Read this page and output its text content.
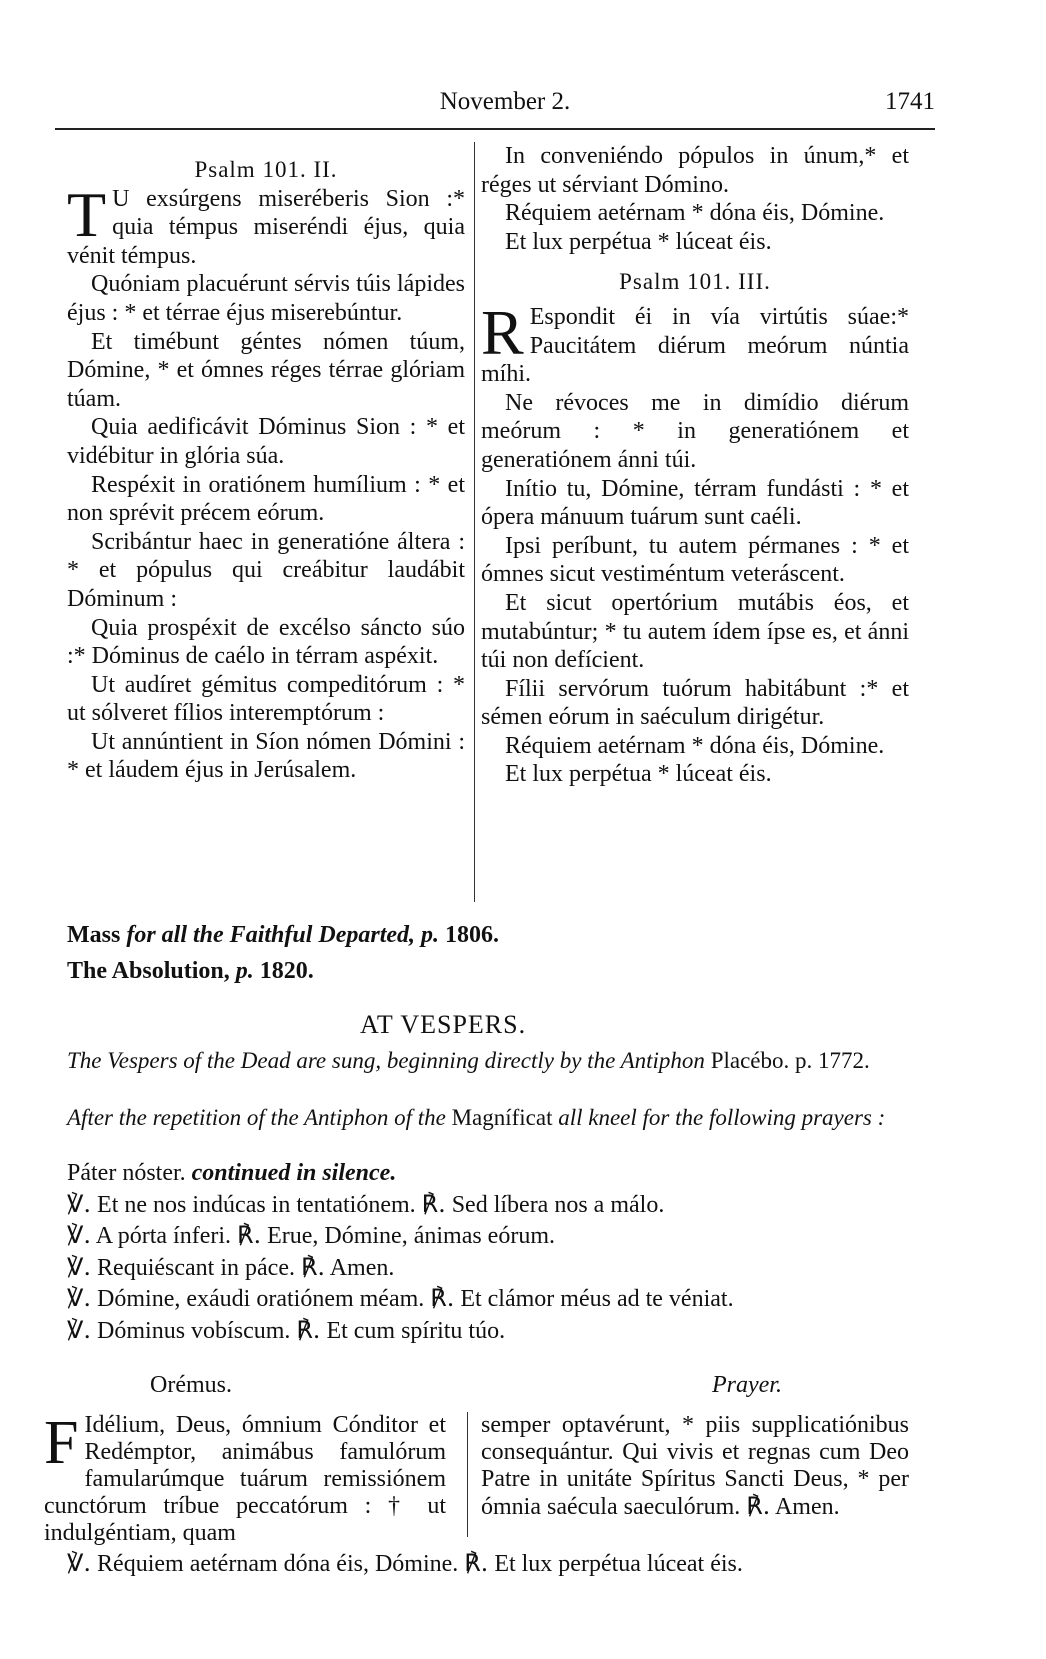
November 2.	1741

Psalm 101. II.

T U exsúrgens miseréberis Sion :* quia témpus miseréndi éjus, quia vénit témpus.

Quóniam placuérunt sérvis túis lápides éjus : * et térrae éjus miserebúntur.

Et timébunt géntes nómen túum, Dómine, * et ómnes réges térrae glóriam túam.

Quia aedificávit Dóminus Sion : * et vidébitur in glória súa.

Respéxit in oratiónem humílium : * et non sprévit précem eórum.

Scribántur haec in generatióne áltera : * et pópulus qui creábitur laudábit Dóminum :

Quia prospéxit de excélso sáncto súo :* Dóminus de caélo in térram aspéxit.

Ut audíret gémitus compeditórum : * ut sólveret fílios interemptórum :

Ut annúntient in Síon nómen Dómini : * et láudem éjus in Jerúsalem.

In conveniéndo pópulos in únum,* et réges ut sérviant Dómino.

Réquiem aetérnam * dóna éis, Dómine.

Et lux perpétua * lúceat éis.

Psalm 101. III.

R Espondit éi in vía virtútis súae:* Paucitátem diérum meórum núntia míhi.

Ne révoces me in dimídio diérum meórum : * in generatiónem et generatiónem ánni túi.

Inítio tu, Dómine, térram fundásti : * et ópera mánuum tuárum sunt caéli.

Ipsi períbunt, tu autem pérmanes : * et ómnes sicut vestiméntum veteráscent.

Et sicut opertórium mutábis éos, et mutabúntur; * tu autem ídem ípse es, et ánni túi non defícient.

Fílii servórum tuórum habitábunt :* et sémen eórum in saéculum dirigétur.

Réquiem aetérnam * dóna éis, Dómine.

Et lux perpétua * lúceat éis.

Mass for all the Faithful Departed, p. 1806.
The Absolution, p. 1820.
AT VESPERS.
The Vespers of the Dead are sung, beginning directly by the Antiphon Placébo. p. 1772.
After the repetition of the Antiphon of the Magníficat all kneel for the following prayers :

Páter nóster. continued in silence.

℣. Et ne nos indúcas in tentatiónem. ℟. Sed líbera nos a málo.

℣. A pórta ínferi. ℟. Erue, Dómine, ánimas eórum.

℣. Requiéscant in páce. ℟. Amen.

℣. Dómine, exáudi oratiónem méam. ℟. Et clámor méus ad te véniat.

℣. Dóminus vobíscum. ℟. Et cum spíritu túo.

Orémus.	Prayer.
F Idélium, Deus, ómnium Cónditor et Redémptor, animábus famulórum famularúmque tuárum remissiónem cunctórum tríbue peccatórum : † ut indulgéntiam, quam
semper optavérunt, * piis supplicatiónibus consequántur. Qui vivis et regnas cum Deo Patre in unitáte Spíritus Sancti Deus, * per ómnia saécula saeculórum. ℟. Amen.
℣. Réquiem aetérnam dóna éis, Dómine. ℟. Et lux perpétua lúceat éis.
